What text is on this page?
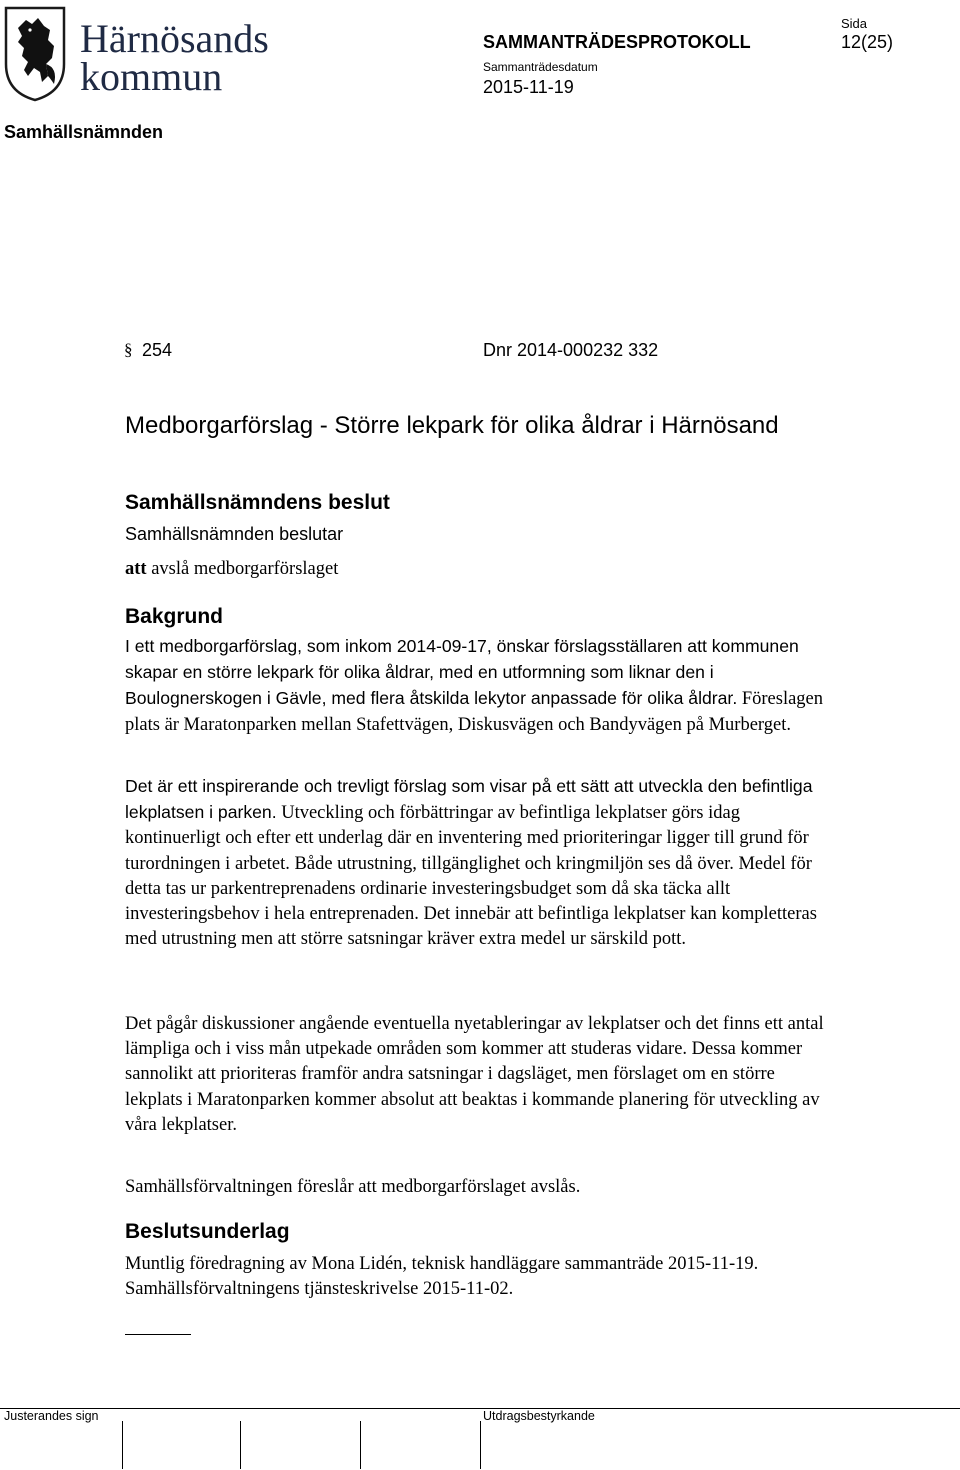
Härnösands
kommun
SAMMANTRÄDESPROTOKOLL
Sida
12(25)
Sammanträdesdatum
2015-11-19
Samhällsnämnden
§ 254	Dnr 2014-000232 332
Medborgarförslag - Större lekpark för olika åldrar i Härnösand
Samhällsnämndens beslut
Samhällsnämnden beslutar
att avslå medborgarförslaget
Bakgrund
I ett medborgarförslag, som inkom 2014-09-17, önskar förslagsställaren att kommunen skapar en större lekpark för olika åldrar, med en utformning som liknar den i Boulognerskogen i Gävle, med flera åtskilda lekytor anpassade för olika åldrar. Föreslagen plats är Maratonparken mellan Stafettvägen, Diskusvägen och Bandyvägen på Murberget.
Det är ett inspirerande och trevligt förslag som visar på ett sätt att utveckla den befintliga lekplatsen i parken. Utveckling och förbättringar av befintliga lekplatser görs idag kontinuerligt och efter ett underlag där en inventering med prioriteringar ligger till grund för turordningen i arbetet. Både utrustning, tillgänglighet och kringmiljön ses då över. Medel för detta tas ur parkentreprenadens ordinarie investeringsbudget som då ska täcka allt investeringsbehov i hela entreprenaden. Det innebär att befintliga lekplatser kan kompletteras med utrustning men att större satsningar kräver extra medel ur särskild pott.
Det pågår diskussioner angående eventuella nyetableringar av lekplatser och det finns ett antal lämpliga och i viss mån utpekade områden som kommer att studeras vidare. Dessa kommer sannolikt att prioriteras framför andra satsningar i dagsläget, men förslaget om en större lekplats i Maratonparken kommer absolut att beaktas i kommande planering för utveckling av våra lekplatser.
Samhällsförvaltningen föreslår att medborgarförslaget avslås.
Beslutsunderlag
Muntlig föredragning av Mona Lidén, teknisk handläggare sammanträde 2015-11-19. Samhällsförvaltningens tjänsteskrivelse 2015-11-02.
Justerandes sign	Utdragsbestyrkande
